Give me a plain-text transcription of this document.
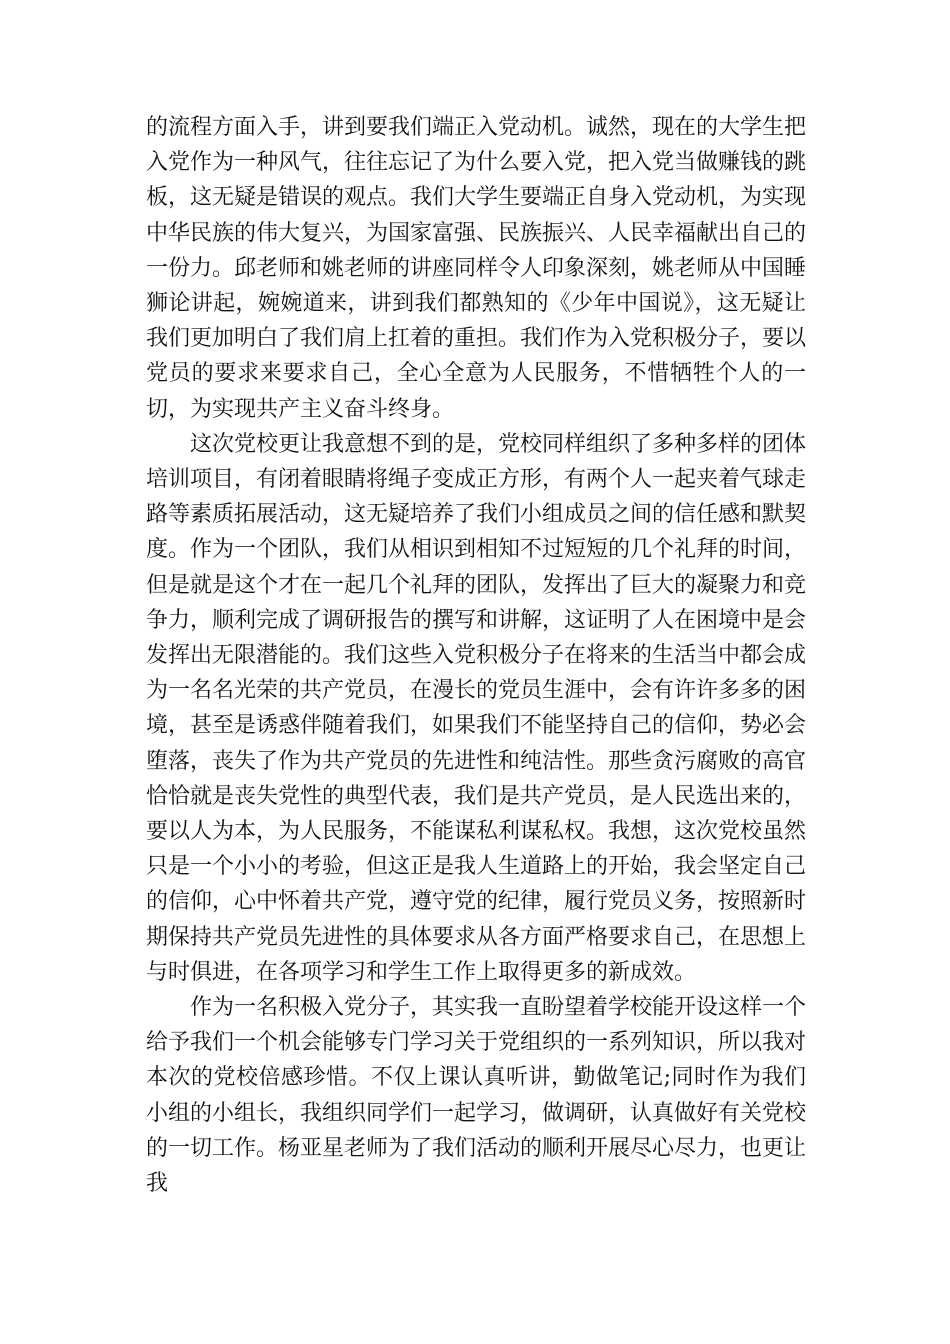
的流程方面入手，讲到要我们端正入党动机。诚然，现在的大学生把入党作为一种风气，往往忘记了为什么要入党，把入党当做赚钱的跳板，这无疑是错误的观点。我们大学生要端正自身入党动机，为实现中华民族的伟大复兴，为国家富强、民族振兴、人民幸福献出自己的一份力。邱老师和姚老师的讲座同样令人印象深刻，姚老师从中国睡狮论讲起，婉婉道来，讲到我们都熟知的《少年中国说》，这无疑让我们更加明白了我们肩上扛着的重担。我们作为入党积极分子，要以党员的要求来要求自己，全心全意为人民服务，不惜牺牲个人的一切，为实现共产主义奋斗终身。

这次党校更让我意想不到的是，党校同样组织了多种多样的团体培训项目，有闭着眼睛将绳子变成正方形，有两个人一起夹着气球走路等素质拓展活动，这无疑培养了我们小组成员之间的信任感和默契度。作为一个团队，我们从相识到相知不过短短的几个礼拜的时间，但是就是这个才在一起几个礼拜的团队，发挥出了巨大的凝聚力和竞争力，顺利完成了调研报告的撰写和讲解，这证明了人在困境中是会发挥出无限潜能的。我们这些入党积极分子在将来的生活当中都会成为一名名光荣的共产党员，在漫长的党员生涯中，会有许许多多的困境，甚至是诱惑伴随着我们，如果我们不能坚持自己的信仰，势必会堕落，丧失了作为共产党员的先进性和纯洁性。那些贪污腐败的高官恰恰就是丧失党性的典型代表，我们是共产党员，是人民选出来的，要以人为本，为人民服务，不能谋私利谋私权。我想，这次党校虽然只是一个小小的考验，但这正是我人生道路上的开始，我会坚定自己的信仰，心中怀着共产党，遵守党的纪律，履行党员义务，按照新时期保持共产党员先进性的具体要求从各方面严格要求自己，在思想上与时俱进，在各项学习和学生工作上取得更多的新成效。

作为一名积极入党分子，其实我一直盼望着学校能开设这样一个给予我们一个机会能够专门学习关于党组织的一系列知识，所以我对本次的党校倍感珍惜。不仅上课认真听讲，勤做笔记;同时作为我们小组的小组长，我组织同学们一起学习，做调研，认真做好有关党校的一切工作。杨亚星老师为了我们活动的顺利开展尽心尽力，也更让我
